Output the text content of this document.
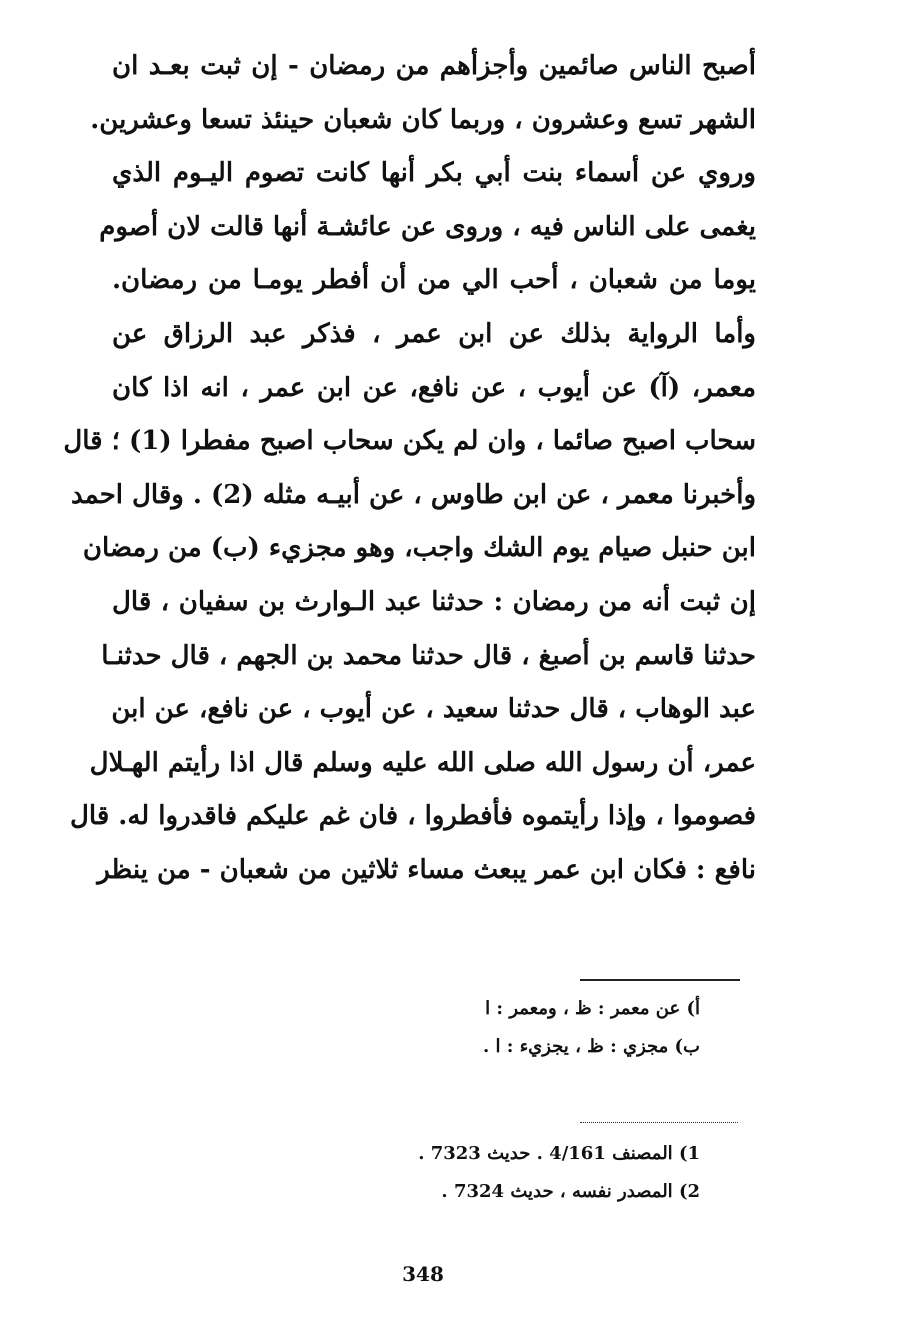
أصبح الناس صائمين وأجزأهم من رمضان - إن ثبت بعـد ان
الشهر تسع وعشرون ، وربما كان شعبان حينئذ تسعا وعشرين.
وروي عن أسماء بنت أبي بكر أنها كانت تصوم اليـوم الذي
يغمى على الناس فيه ، وروى عن عائشـة أنها قالت لان أصوم
يوما من شعبان ، أحب الي من أن أفطر يومـا من رمضان.
وأما الرواية بذلك عن ابن عمر ، فذكر عبد الرزاق عن
معمر، (آ) عن أيوب ، عن نافع، عن ابن عمر ، انه اذا كان
سحاب اصبح صائما ، وان لم يكن سحاب اصبح مفطرا (1) ؛ قال
وأخبرنا معمر ، عن ابن طاوس ، عن أبيـه مثله (2) . وقال احمد
ابن حنبل صيام يوم الشك واجب، وهو مجزيء (ب) من رمضان
إن ثبت أنه من رمضان : حدثنا عبد الـوارث بن سفيان ، قال
حدثنا قاسم بن أصبغ ، قال حدثنا محمد بن الجهم ، قال حدثنـا
عبد الوهاب ، قال حدثنا سعيد ، عن أيوب ، عن نافع، عن ابن
عمر، أن رسول الله صلى الله عليه وسلم قال اذا رأيتم الهـلال
فصوموا ، وإذا رأيتموه فأفطروا ، فان غم عليكم فاقدروا له. قال
نافع : فكان ابن عمر يبعث مساء ثلاثين من شعبان - من ينظر
أ) عن معمر : ظ ، ومعمر : ا
ب) مجزي : ظ ، يجزيء : ا .
1) المصنف 4/161 . حديث 7323 .
2) المصدر نفسه ، حديث 7324 .
348
